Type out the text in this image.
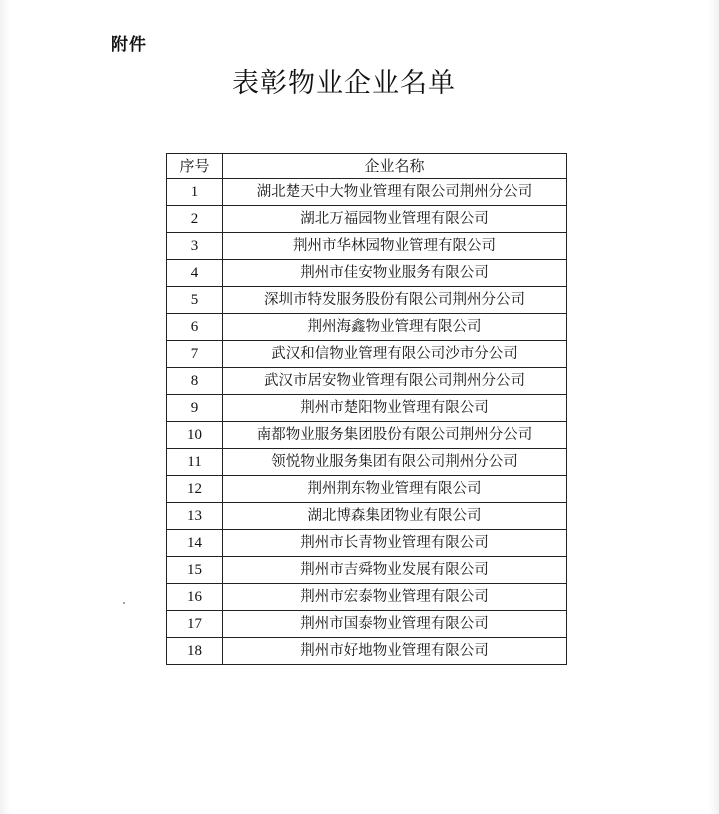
附件
表彰物业企业名单
序号	企业名称
1	湖北楚天中大物业管理有限公司荆州分公司
2	湖北万福园物业管理有限公司
3	荆州市华林园物业管理有限公司
4	荆州市佳安物业服务有限公司
5	深圳市特发服务股份有限公司荆州分公司
6	荆州海鑫物业管理有限公司
7	武汉和信物业管理有限公司沙市分公司
8	武汉市居安物业管理有限公司荆州分公司
9	荆州市楚阳物业管理有限公司
10	南都物业服务集团股份有限公司荆州分公司
11	领悦物业服务集团有限公司荆州分公司
12	荆州荆东物业管理有限公司
13	湖北博森集团物业有限公司
14	荆州市长青物业管理有限公司
15	荆州市吉舜物业发展有限公司
16	荆州市宏泰物业管理有限公司
17	荆州市国泰物业管理有限公司
18	荆州市好地物业管理有限公司
